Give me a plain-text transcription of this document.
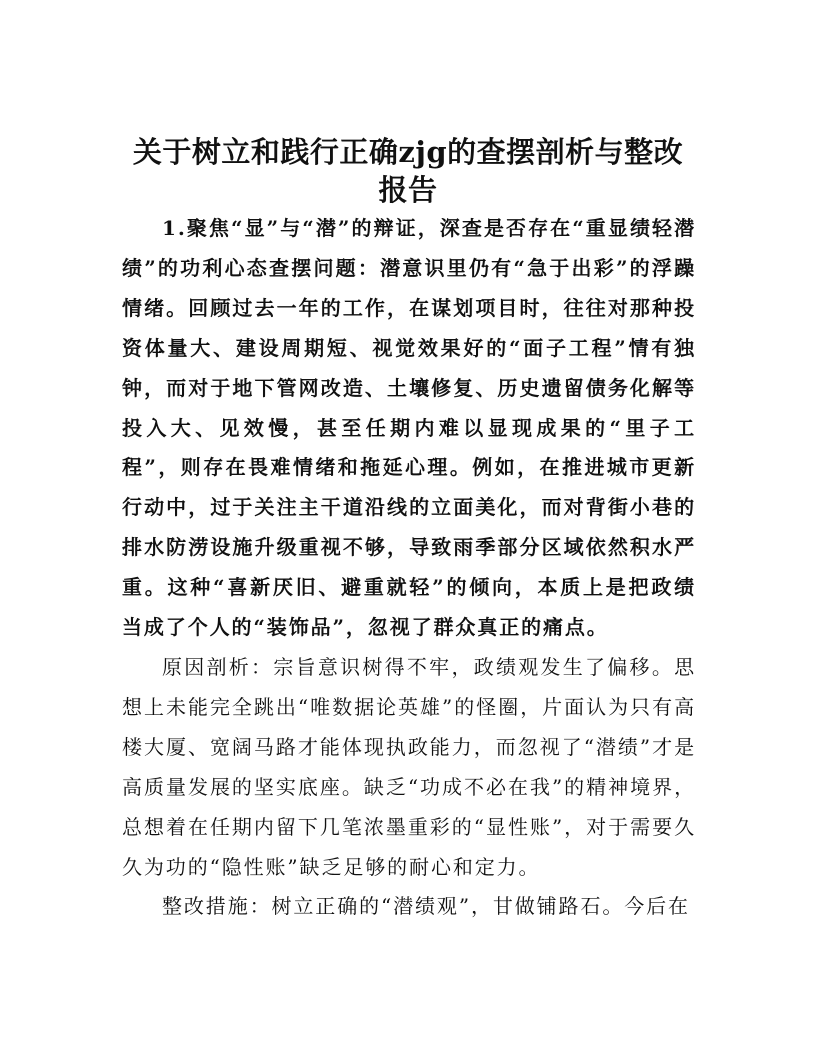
关于树立和践行正确zjg的查摆剖析与整改报告

1.聚焦“显”与“潜”的辩证，深查是否存在“重显绩轻潜绩”的功利心态查摆问题：潜意识里仍有“急于出彩”的浮躁情绪。回顾过去一年的工作，在谋划项目时，往往对那种投资体量大、建设周期短、视觉效果好的“面子工程”情有独钟，而对于地下管网改造、土壤修复、历史遗留债务化解等投入大、见效慢，甚至任期内难以显现成果的“里子工程”，则存在畏难情绪和拖延心理。例如，在推进城市更新行动中，过于关注主干道沿线的立面美化，而对背街小巷的排水防涝设施升级重视不够，导致雨季部分区域依然积水严重。这种“喜新厌旧、避重就轻”的倾向，本质上是把政绩当成了个人的“装饰品”，忽视了群众真正的痛点。

原因剖析：宗旨意识树得不牢，政绩观发生了偏移。思想上未能完全跳出“唯数据论英雄”的怪圈，片面认为只有高楼大厦、宽阔马路才能体现执政能力，而忽视了“潜绩”才是高质量发展的坚实底座。缺乏“功成不必在我”的精神境界，总想着在任期内留下几笔浓墨重彩的“显性账”，对于需要久久为功的“隐性账”缺乏足够的耐心和定力。

整改措施：树立正确的“潜绩观”，甘做铺路石。今后在
